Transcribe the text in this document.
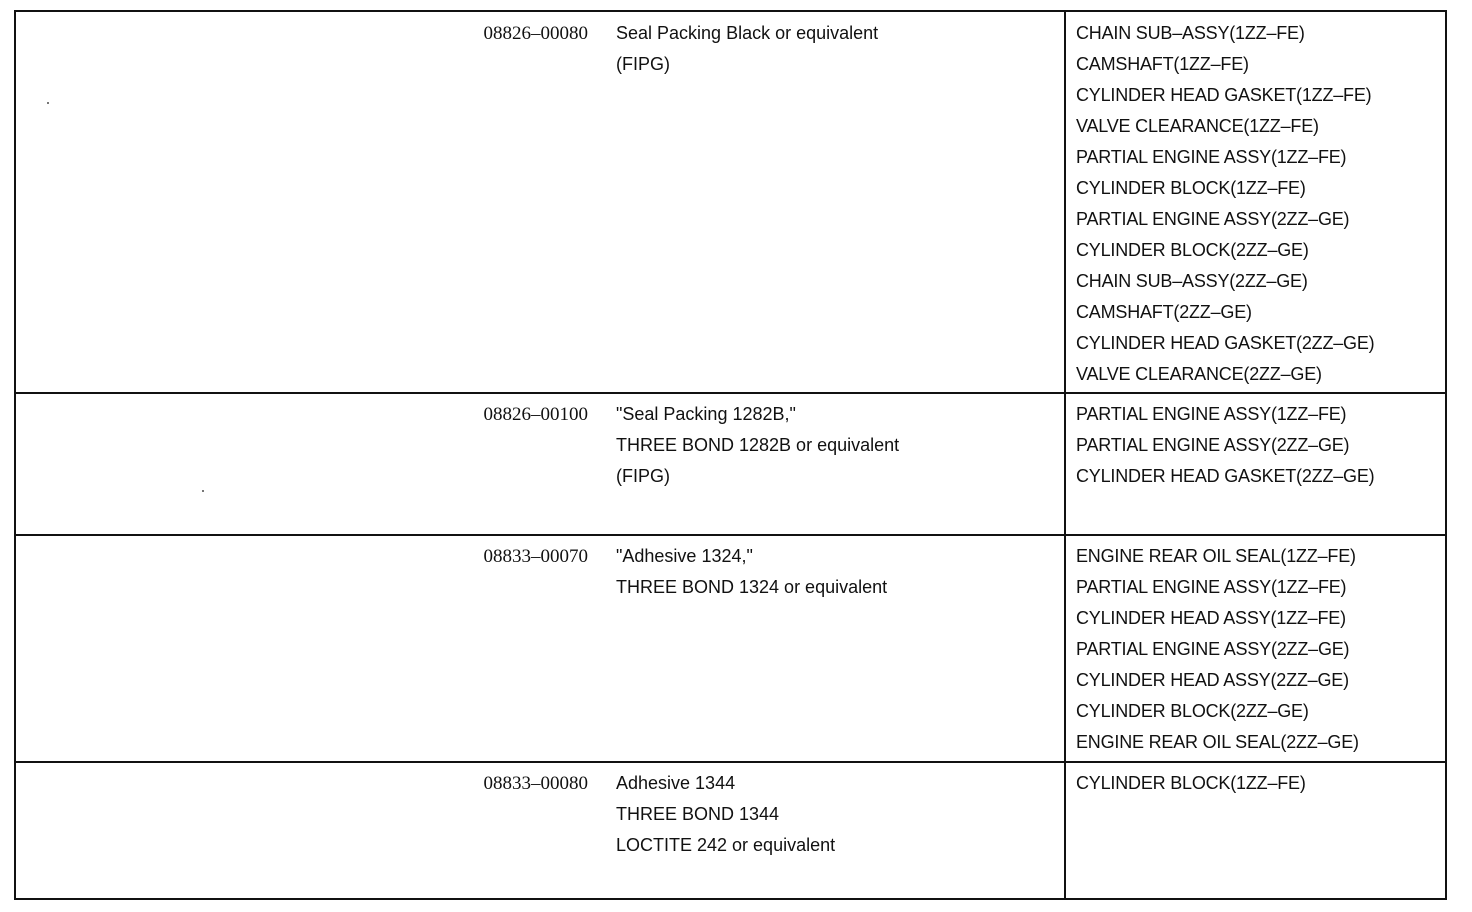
08826–00080 Seal Packing Black or equivalent
(FIPG)
CHAIN SUB–ASSY(1ZZ–FE)
CAMSHAFT(1ZZ–FE)
CYLINDER HEAD GASKET(1ZZ–FE)
VALVE CLEARANCE(1ZZ–FE)
PARTIAL ENGINE ASSY(1ZZ–FE)
CYLINDER BLOCK(1ZZ–FE)
PARTIAL ENGINE ASSY(2ZZ–GE)
CYLINDER BLOCK(2ZZ–GE)
CHAIN SUB–ASSY(2ZZ–GE)
CAMSHAFT(2ZZ–GE)
CYLINDER HEAD GASKET(2ZZ–GE)
VALVE CLEARANCE(2ZZ–GE)
08826–00100 "Seal Packing 1282B,"
THREE BOND 1282B or equivalent
(FIPG)
PARTIAL ENGINE ASSY(1ZZ–FE)
PARTIAL ENGINE ASSY(2ZZ–GE)
CYLINDER HEAD GASKET(2ZZ–GE)
08833–00070 "Adhesive 1324,"
THREE BOND 1324 or equivalent
ENGINE REAR OIL SEAL(1ZZ–FE)
PARTIAL ENGINE ASSY(1ZZ–FE)
CYLINDER HEAD ASSY(1ZZ–FE)
PARTIAL ENGINE ASSY(2ZZ–GE)
CYLINDER HEAD ASSY(2ZZ–GE)
CYLINDER BLOCK(2ZZ–GE)
ENGINE REAR OIL SEAL(2ZZ–GE)
08833–00080 Adhesive 1344
THREE BOND 1344
LOCTITE 242 or equivalent
CYLINDER BLOCK(1ZZ–FE)
